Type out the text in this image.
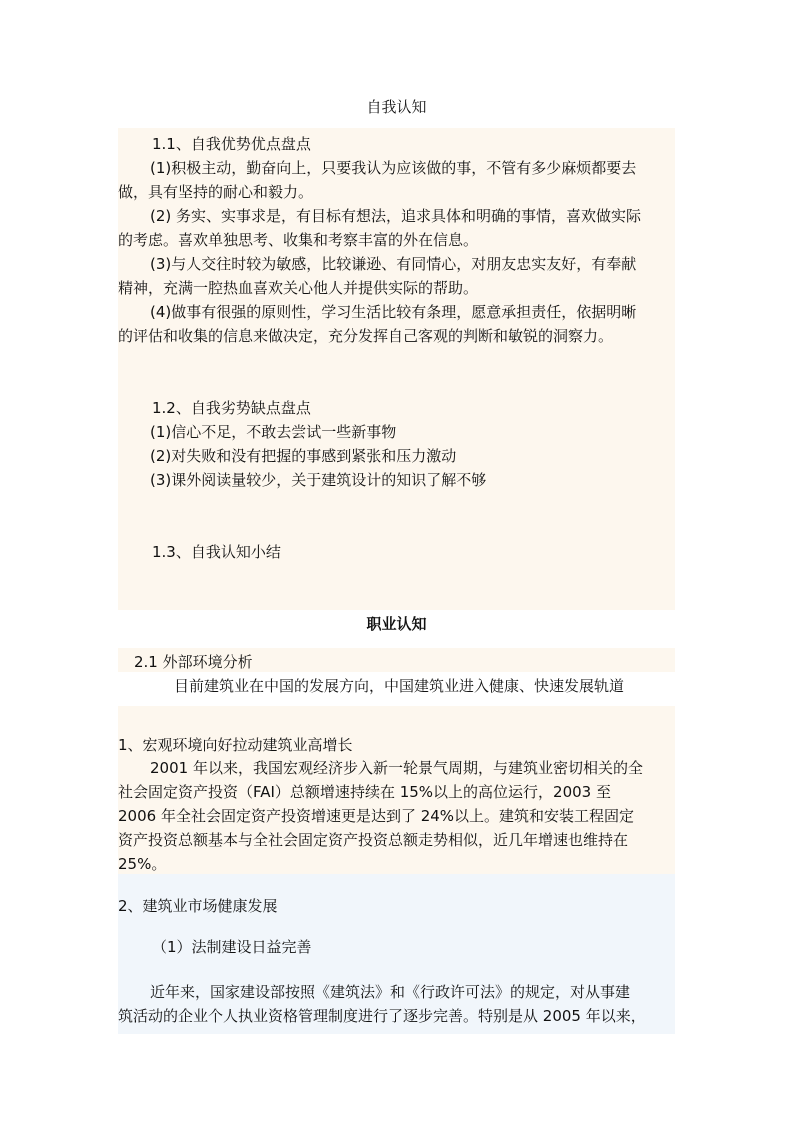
自我认知
1.1、自我优势优点盘点
(1)积极主动，勤奋向上，只要我认为应该做的事，不管有多少麻烦都要去
做，具有坚持的耐心和毅力。
(2) 务实、实事求是，有目标有想法，追求具体和明确的事情，喜欢做实际
的考虑。喜欢单独思考、收集和考察丰富的外在信息。
(3)与人交往时较为敏感，比较谦逊、有同情心，对朋友忠实友好，有奉献
精神，充满一腔热血喜欢关心他人并提供实际的帮助。
(4)做事有很强的原则性，学习生活比较有条理，愿意承担责任，依据明晰
的评估和收集的信息来做决定，充分发挥自己客观的判断和敏锐的洞察力。
1.2、自我劣势缺点盘点
(1)信心不足，不敢去尝试一些新事物
(2)对失败和没有把握的事感到紧张和压力激动
(3)课外阅读量较少，关于建筑设计的知识了解不够
1.3、自我认知小结
职业认知
2.1 外部环境分析
目前建筑业在中国的发展方向，中国建筑业进入健康、快速发展轨道
1、宏观环境向好拉动建筑业高增长
2001 年以来，我国宏观经济步入新一轮景气周期，与建筑业密切相关的全
社会固定资产投资（FAI）总额增速持续在 15%以上的高位运行，2003 至
2006 年全社会固定资产投资增速更是达到了 24%以上。建筑和安装工程固定
资产投资总额基本与全社会固定资产投资总额走势相似，近几年增速也维持在
25%。
2、建筑业市场健康发展
（1）法制建设日益完善
近年来，国家建设部按照《建筑法》和《行政许可法》的规定，对从事建
筑活动的企业个人执业资格管理制度进行了逐步完善。特别是从 2005 年以来，
